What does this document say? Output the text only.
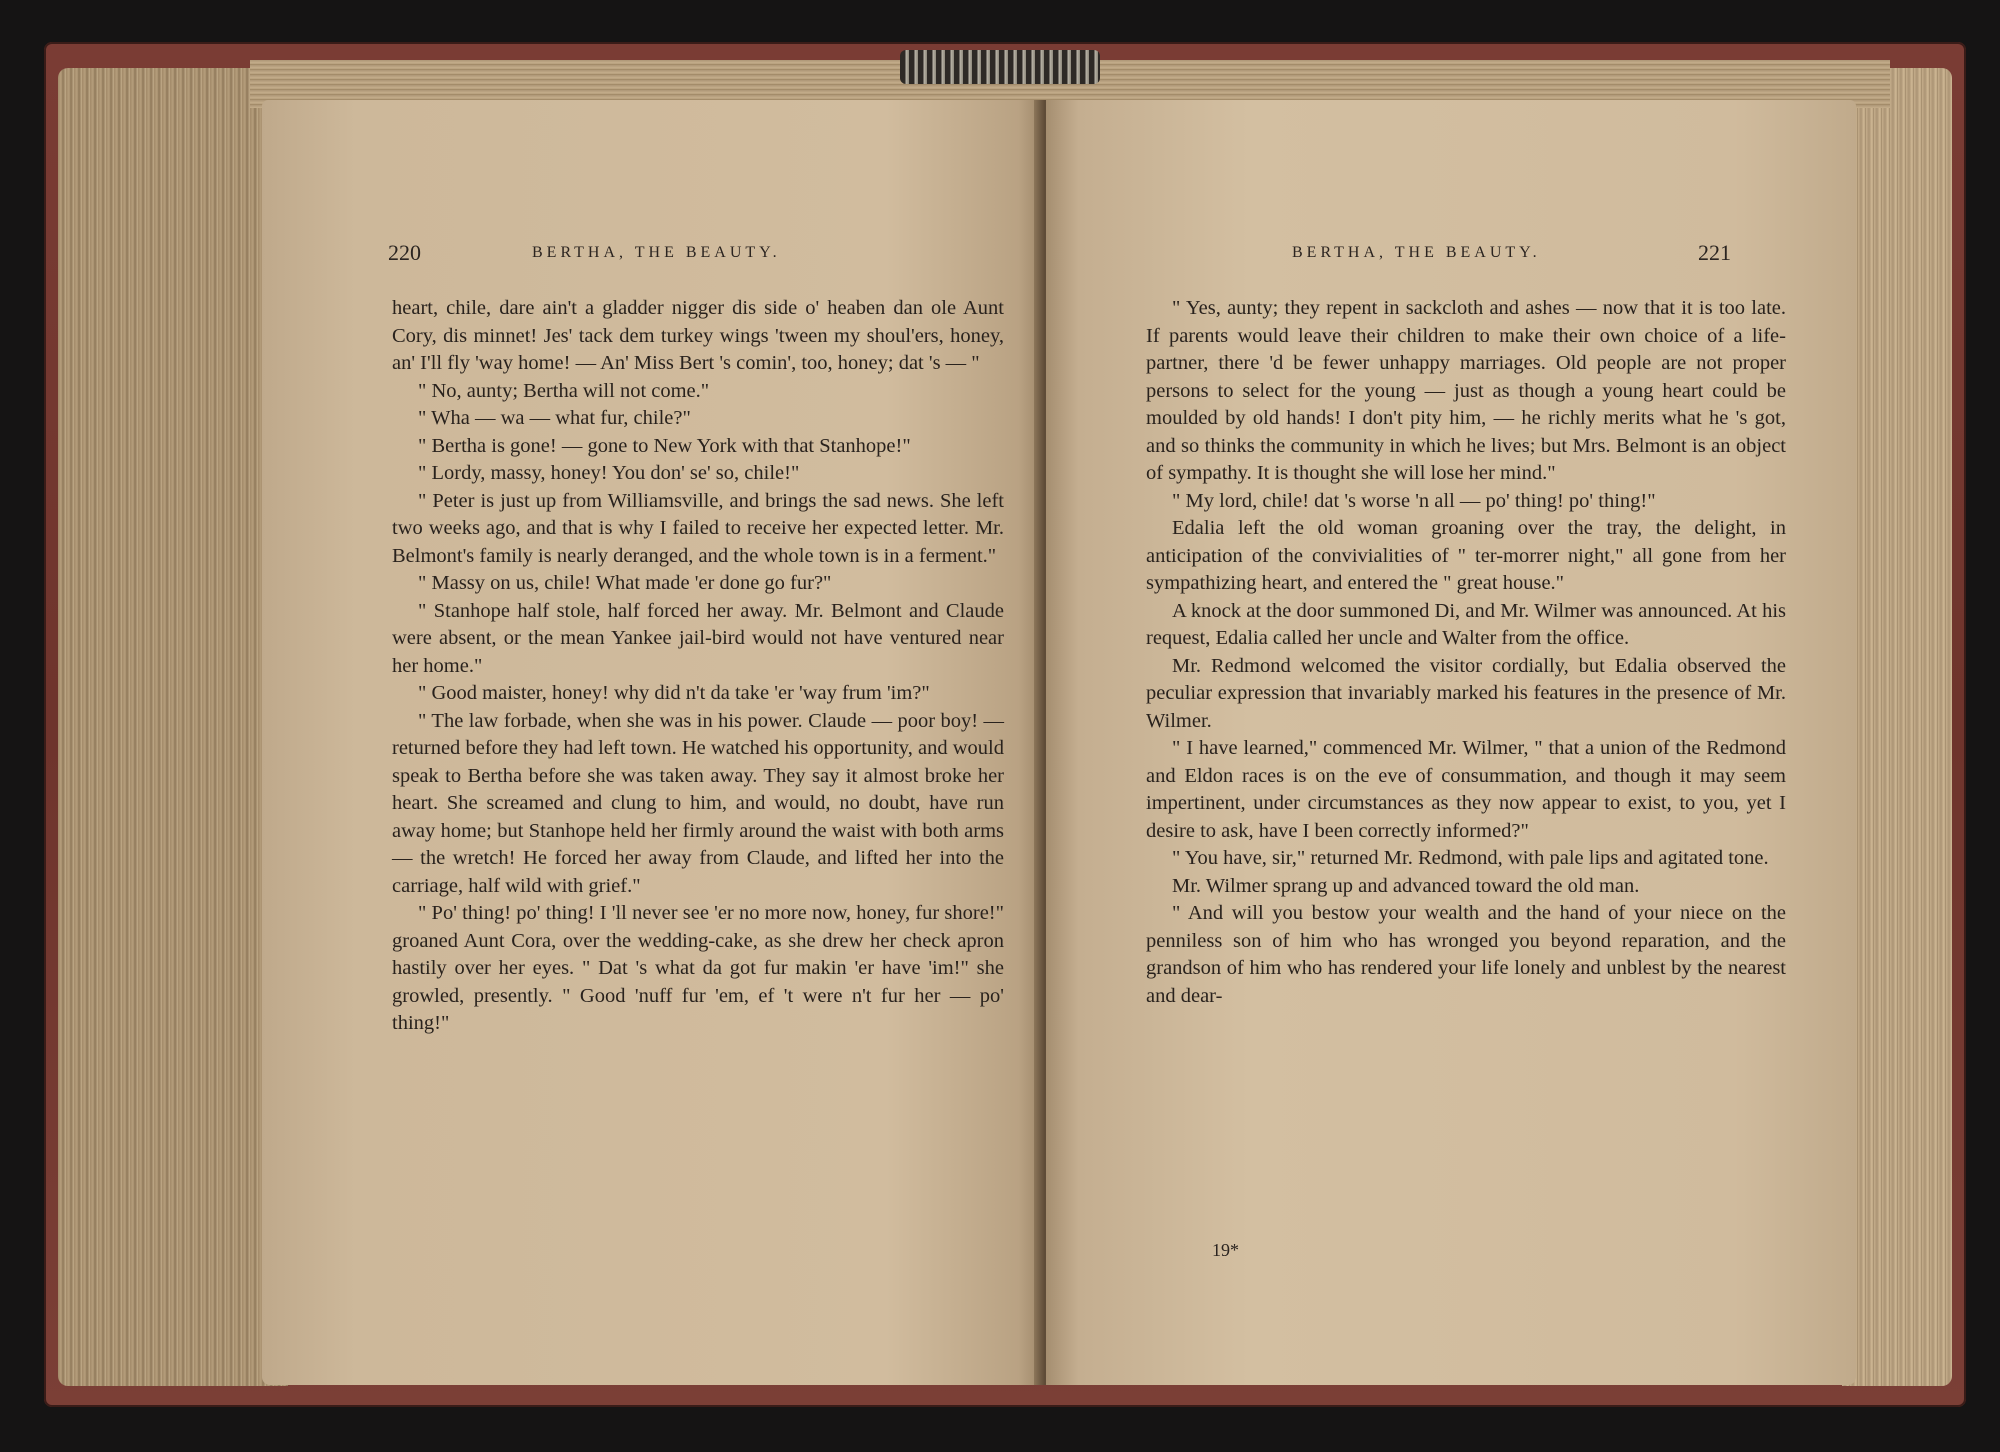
220	BERTHA, THE BEAUTY.

heart, chile, dare ain't a gladder nigger dis side o' heaben dan ole Aunt Cory, dis minnet! Jes' tack dem turkey wings 'tween my shoul'ers, honey, an' I'll fly 'way home! — An' Miss Bert 's comin', too, honey; dat 's — "

" No, aunty; Bertha will not come."

" Wha — wa — what fur, chile?"

" Bertha is gone! — gone to New York with that Stanhope!"

" Lordy, massy, honey! You don' se' so, chile!"

" Peter is just up from Williamsville, and brings the sad news. She left two weeks ago, and that is why I failed to receive her expected letter. Mr. Belmont's family is nearly deranged, and the whole town is in a ferment."

" Massy on us, chile! What made 'er done go fur?"

" Stanhope half stole, half forced her away. Mr. Belmont and Claude were absent, or the mean Yankee jail-bird would not have ventured near her home."

" Good maister, honey! why did n't da take 'er 'way frum 'im?"

" The law forbade, when she was in his power. Claude — poor boy! — returned before they had left town. He watched his opportunity, and would speak to Bertha before she was taken away. They say it almost broke her heart. She screamed and clung to him, and would, no doubt, have run away home; but Stanhope held her firmly around the waist with both arms — the wretch! He forced her away from Claude, and lifted her into the carriage, half wild with grief."

" Po' thing! po' thing! I 'll never see 'er no more now, honey, fur shore!" groaned Aunt Cora, over the wedding-cake, as she drew her check apron hastily over her eyes. " Dat 's what da got fur makin 'er have 'im!" she growled, presently. " Good 'nuff fur 'em, ef 't were n't fur her — po' thing!"

BERTHA, THE BEAUTY.	221

" Yes, aunty; they repent in sackcloth and ashes — now that it is too late. If parents would leave their children to make their own choice of a life-partner, there 'd be fewer unhappy marriages. Old people are not proper persons to select for the young — just as though a young heart could be moulded by old hands! I don't pity him, — he richly merits what he 's got, and so thinks the community in which he lives; but Mrs. Belmont is an object of sympathy. It is thought she will lose her mind."

" My lord, chile! dat 's worse 'n all — po' thing! po' thing!"

Edalia left the old woman groaning over the tray, the delight, in anticipation of the convivialities of " ter-morrer night," all gone from her sympathizing heart, and entered the " great house."

A knock at the door summoned Di, and Mr. Wilmer was announced. At his request, Edalia called her uncle and Walter from the office.

Mr. Redmond welcomed the visitor cordially, but Edalia observed the peculiar expression that invariably marked his features in the presence of Mr. Wilmer.

" I have learned," commenced Mr. Wilmer, " that a union of the Redmond and Eldon races is on the eve of consummation, and though it may seem impertinent, under circumstances as they now appear to exist, to you, yet I desire to ask, have I been correctly informed?"

" You have, sir," returned Mr. Redmond, with pale lips and agitated tone.

Mr. Wilmer sprang up and advanced toward the old man.

" And will you bestow your wealth and the hand of your niece on the penniless son of him who has wronged you beyond reparation, and the grandson of him who has rendered your life lonely and unblest by the nearest and dear-

19*
